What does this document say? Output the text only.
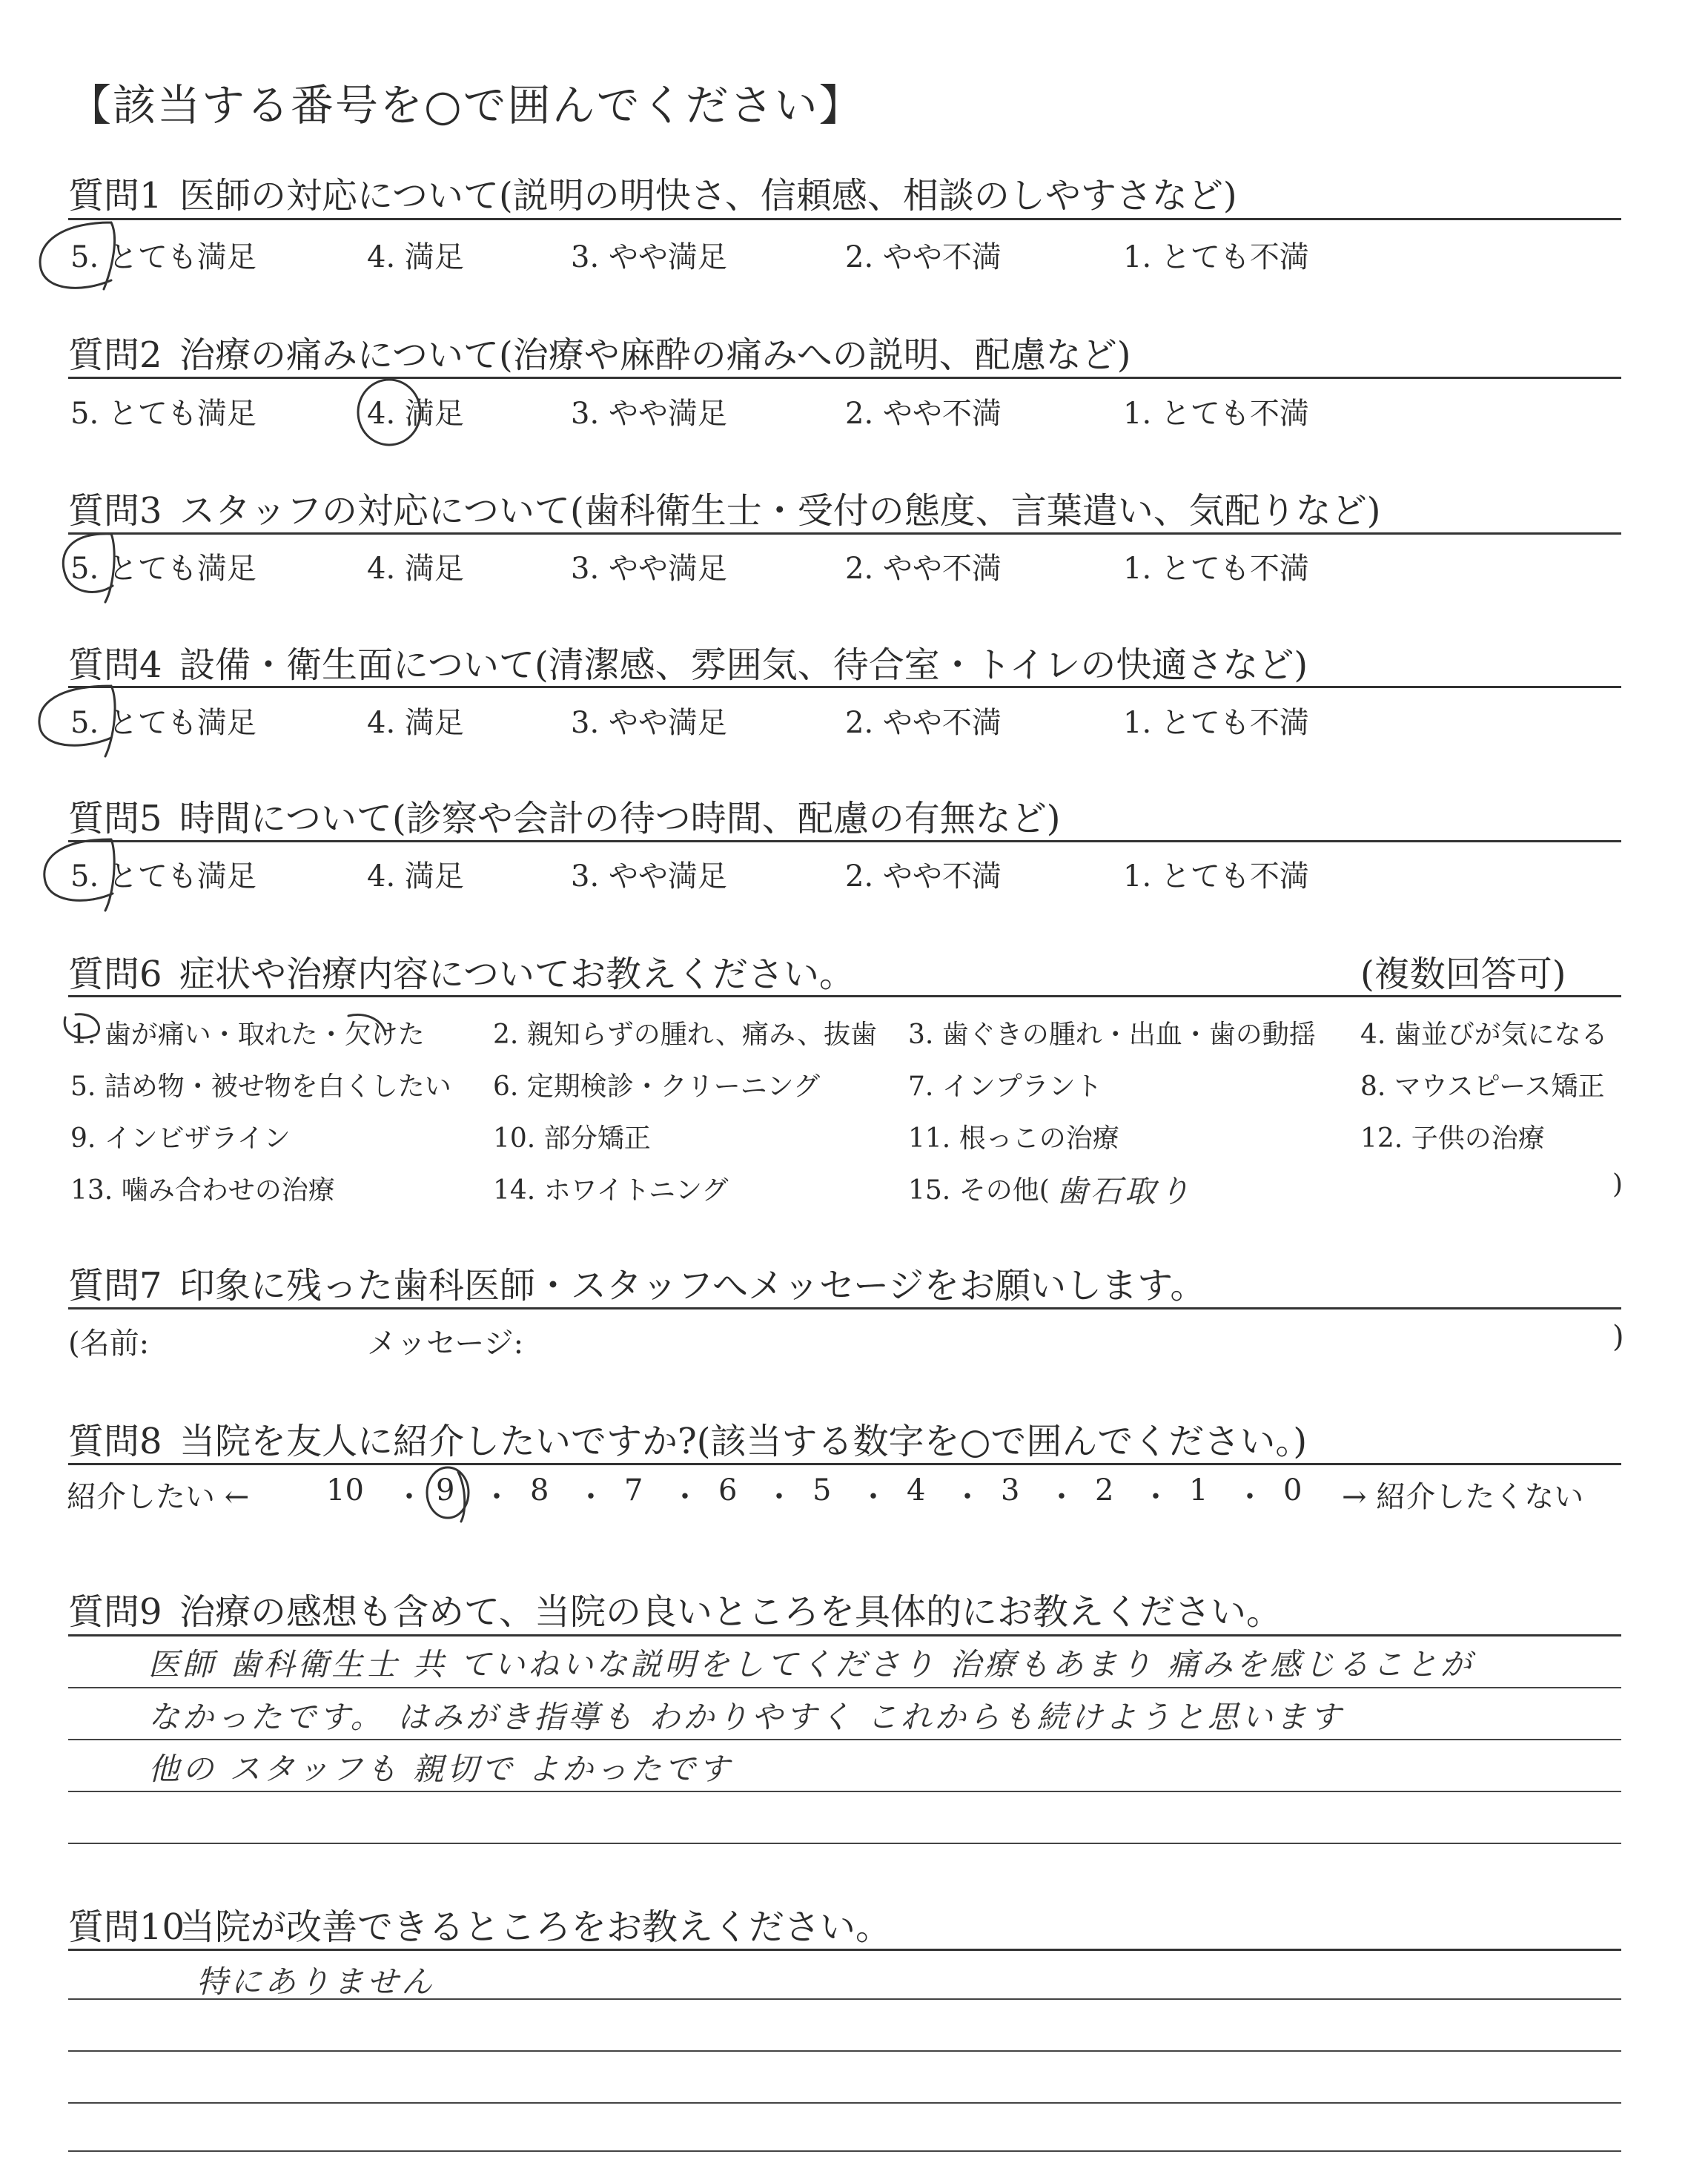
【該当する番号を○で囲んでください】
質問1 医師の対応について(説明の明快さ、信頼感、相談のしやすさなど)
5. とても満足	4. 満足	3. やや満足	2. やや不満	1. とても不満
質問2 治療の痛みについて(治療や麻酔の痛みへの説明、配慮など)
5. とても満足	4. 満足	3. やや満足	2. やや不満	1. とても不満
質問3 スタッフの対応について(歯科衛生士・受付の態度、言葉遣い、気配りなど)
5. とても満足	4. 満足	3. やや満足	2. やや不満	1. とても不満
質問4 設備・衛生面について(清潔感、雰囲気、待合室・トイレの快適さなど)
5. とても満足	4. 満足	3. やや満足	2. やや不満	1. とても不満
質問5 時間について(診察や会計の待つ時間、配慮の有無など)
5. とても満足	4. 満足	3. やや満足	2. やや不満	1. とても不満
質問6 症状や治療内容についてお教えください。	(複数回答可)
1. 歯が痛い・取れた・欠けた	2. 親知らずの腫れ、痛み、抜歯 3. 歯ぐきの腫れ・出血・歯の動揺 4. 歯並びが気になる
5. 詰め物・被せ物を白くしたい 6. 定期検診・クリーニング	7. インプラント	8. マウスピース矯正
9. インビザライン	10. 部分矯正	11. 根っこの治療	12. 子供の治療
13. 噛み合わせの治療	14. ホワイトニング	15. その他( 歯石取り	)
質問7 印象に残った歯科医師・スタッフへメッセージをお願いします。
(名前:	メッセージ:	)
質問8 当院を友人に紹介したいですか?(該当する数字を○で囲んでください。)
紹介したい ←	10 ・ 9 ・ 8 ・ 7 ・ 6 ・ 5 ・ 4 ・ 3 ・ 2 ・ 1 ・ 0 → 紹介したくない
質問9 治療の感想も含めて、当院の良いところを具体的にお教えください。
医師 歯科衛生士 共 ていねいな説明をしてくださり 治療もあまり 痛みを感じることが
なかったです。 はみがき指導も わかりやすく これからも続けようと思います
他の スタッフも 親切で よかったです
質問10当院が改善できるところをお教えください。
特にありません
